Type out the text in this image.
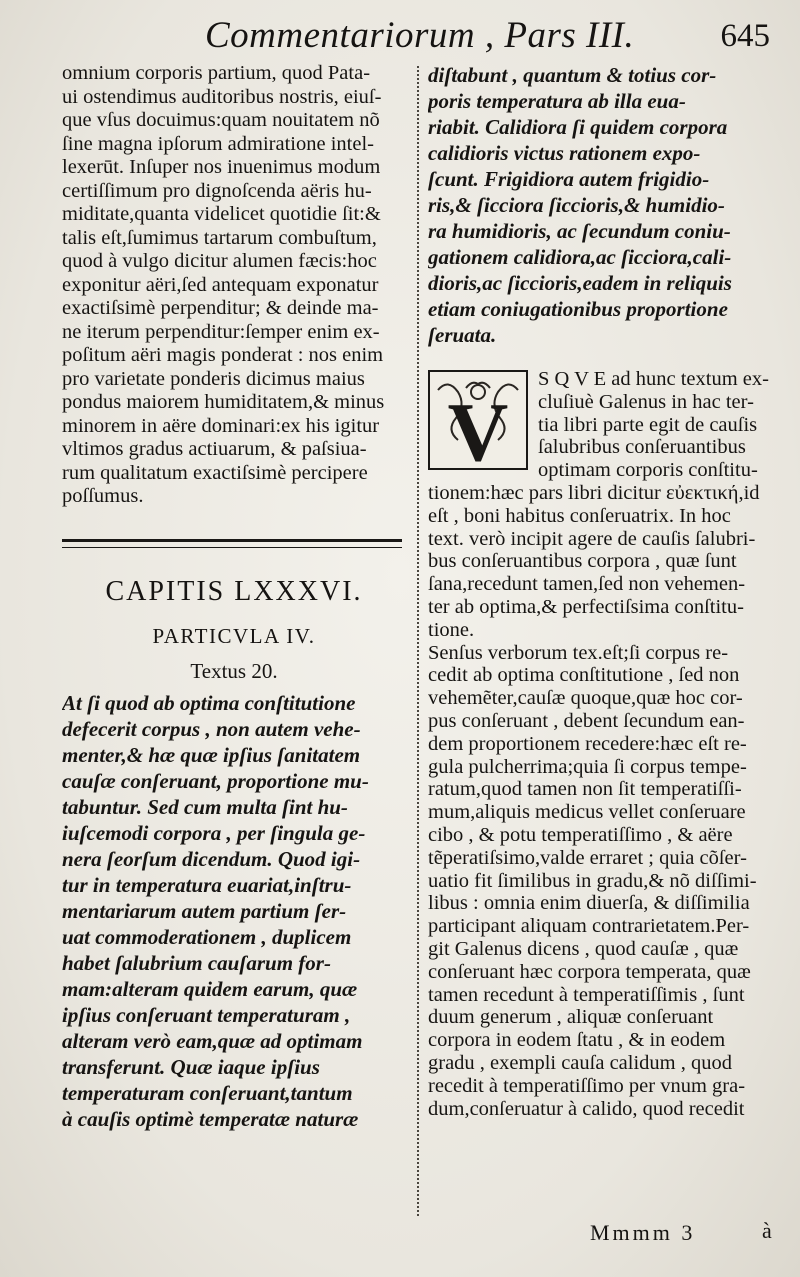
Commentariorum , Pars III.	645
omnium corporis partium, quod Pata-
ui ostendimus auditoribus nostris, eiuſ-
que vſus docuimus:quam nouitatem nõ
ſine magna ipſorum admiratione intel-
lexerūt. Inſuper nos inuenimus modum
certiſſimum pro dignoſcenda aëris hu-
miditate,quanta videlicet quotidie ſit:&
talis eſt,ſumimus tartarum combuſtum,
quod à vulgo dicitur alumen fæcis:hoc
exponitur aëri,ſed antequam exponatur
exactiſsimè perpenditur; & deinde ma-
ne iterum perpenditur:ſemper enim ex-
poſitum aëri magis ponderat : nos enim
pro varietate ponderis dicimus maius
pondus maiorem humiditatem,& minus
minorem in aëre dominari:ex his igitur
vltimos gradus actiuarum, & paſsiua-
rum qualitatum exactiſsimè percipere
poſſumus.
CAPITIS LXXXVI.
PARTICVLA IV.
Textus 20.
At ſi quod ab optima conſtitutione
defecerit corpus , non autem vehe-
menter,& hæ quæ ipſius ſanitatem
cauſæ conſeruant, proportione mu-
tabuntur. Sed cum multa ſint hu-
iuſcemodi corpora , per ſingula ge-
nera ſeorſum dicendum. Quod igi-
tur in temperatura euariat,inſtru-
mentariarum autem partium ſer-
uat commoderationem , duplicem
habet ſalubrium cauſarum for-
mam:alteram quidem earum, quæ
ipſius conſeruant temperaturam ,
alteram verò eam,quæ ad optimam
transferunt. Quæ iaque ipſius
temperaturam conſeruant,tantum
à cauſis optimè temperatæ naturæ
diſtabunt , quantum & totius cor-
poris temperatura ab illa eua-
riabit. Calidiora ſi quidem corpora
calidioris victus rationem expo-
ſcunt. Frigidiora autem frigidio-
ris,& ſicciora ſiccioris,& humidio-
ra humidioris, ac ſecundum coniu-
gationem calidiora,ac ſicciora,cali-
dioris,ac ſiccioris,eadem in reliquis
etiam coniugationibus proportione
ſeruata.
V
S Q V E ad hunc textum ex-
cluſiuè Galenus in hac ter-
tia libri parte egit de cauſis
ſalubribus conſeruantibus
optimam corporis conſtitu-
tionem:hæc pars libri dicitur εὐεκτική,id
eſt , boni habitus conſeruatrix. In hoc
text. verò incipit agere de cauſis ſalubri-
bus conſeruantibus corpora , quæ ſunt
ſana,recedunt tamen,ſed non vehemen-
ter ab optima,& perfectiſsima conſtitu-
tione.
Senſus verborum tex.eſt;ſi corpus re-
cedit ab optima conſtitutione , ſed non
vehemẽter,cauſæ quoque,quæ hoc cor-
pus conſeruant , debent ſecundum ean-
dem proportionem recedere:hæc eſt re-
gula pulcherrima;quia ſi corpus tempe-
ratum,quod tamen non ſit temperatiſſi-
mum,aliquis medicus vellet conſeruare
cibo , & potu temperatiſſimo , & aëre
tẽperatiſsimo,valde erraret ; quia cõſer-
uatio fit ſimilibus in gradu,& nõ diſſimi-
libus : omnia enim diuerſa, & diſſimilia
participant aliquam contrarietatem.Per-
git Galenus dicens , quod cauſæ , quæ
conſeruant hæc corpora temperata, quæ
tamen recedunt à temperatiſſimis , ſunt
duum generum , aliquæ conſeruant
corpora in eodem ſtatu , & in eodem
gradu , exempli cauſa calidum , quod
recedit à temperatiſſimo per vnum gra-
dum,conſeruatur à calido, quod recedit
Mmmm 3	à
